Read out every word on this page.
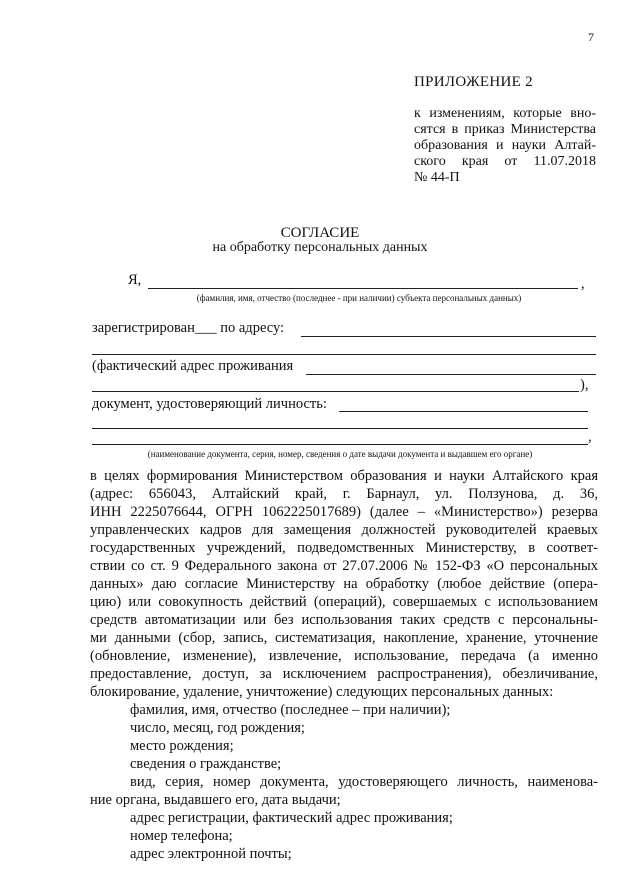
7
ПРИЛОЖЕНИЕ 2
к изменениям, которые вно-
сятся в приказ Министерства
образования и науки Алтай-
ского края от 11.07.2018
№ 44-П
СОГЛАСИЕ
на обработку персональных данных
Я,	,
(фамилия, имя, отчество (последнее - при наличии) субъекта персональных данных)
зарегистрирован___ по адресу:
(фактический адрес проживания
),
документ, удостоверяющий личность:
,
(наименование документа, серия, номер, сведения о дате выдачи документа и выдавшем его органе)
в целях формирования Министерством образования и науки Алтайского края
(адрес: 656043, Алтайский край, г. Барнаул, ул. Ползунова, д. 36,
ИНН 2225076644, ОГРН 1062225017689) (далее – «Министерство») резерва
управленческих кадров для замещения должностей руководителей краевых
государственных учреждений, подведомственных Министерству, в соответ-
ствии со ст. 9 Федерального закона от 27.07.2006 № 152-ФЗ «О персональных
данных» даю согласие Министерству на обработку (любое действие (опера-
цию) или совокупность действий (операций), совершаемых с использованием
средств автоматизации или без использования таких средств с персональны-
ми данными (сбор, запись, систематизация, накопление, хранение, уточнение
(обновление, изменение), извлечение, использование, передача (а именно
предоставление, доступ, за исключением распространения), обезличивание,
блокирование, удаление, уничтожение) следующих персональных данных:
фамилия, имя, отчество (последнее – при наличии);
число, месяц, год рождения;
место рождения;
сведения о гражданстве;
вид, серия, номер документа, удостоверяющего личность, наименова-
ние органа, выдавшего его, дата выдачи;
адрес регистрации, фактический адрес проживания;
номер телефона;
адрес электронной почты;
